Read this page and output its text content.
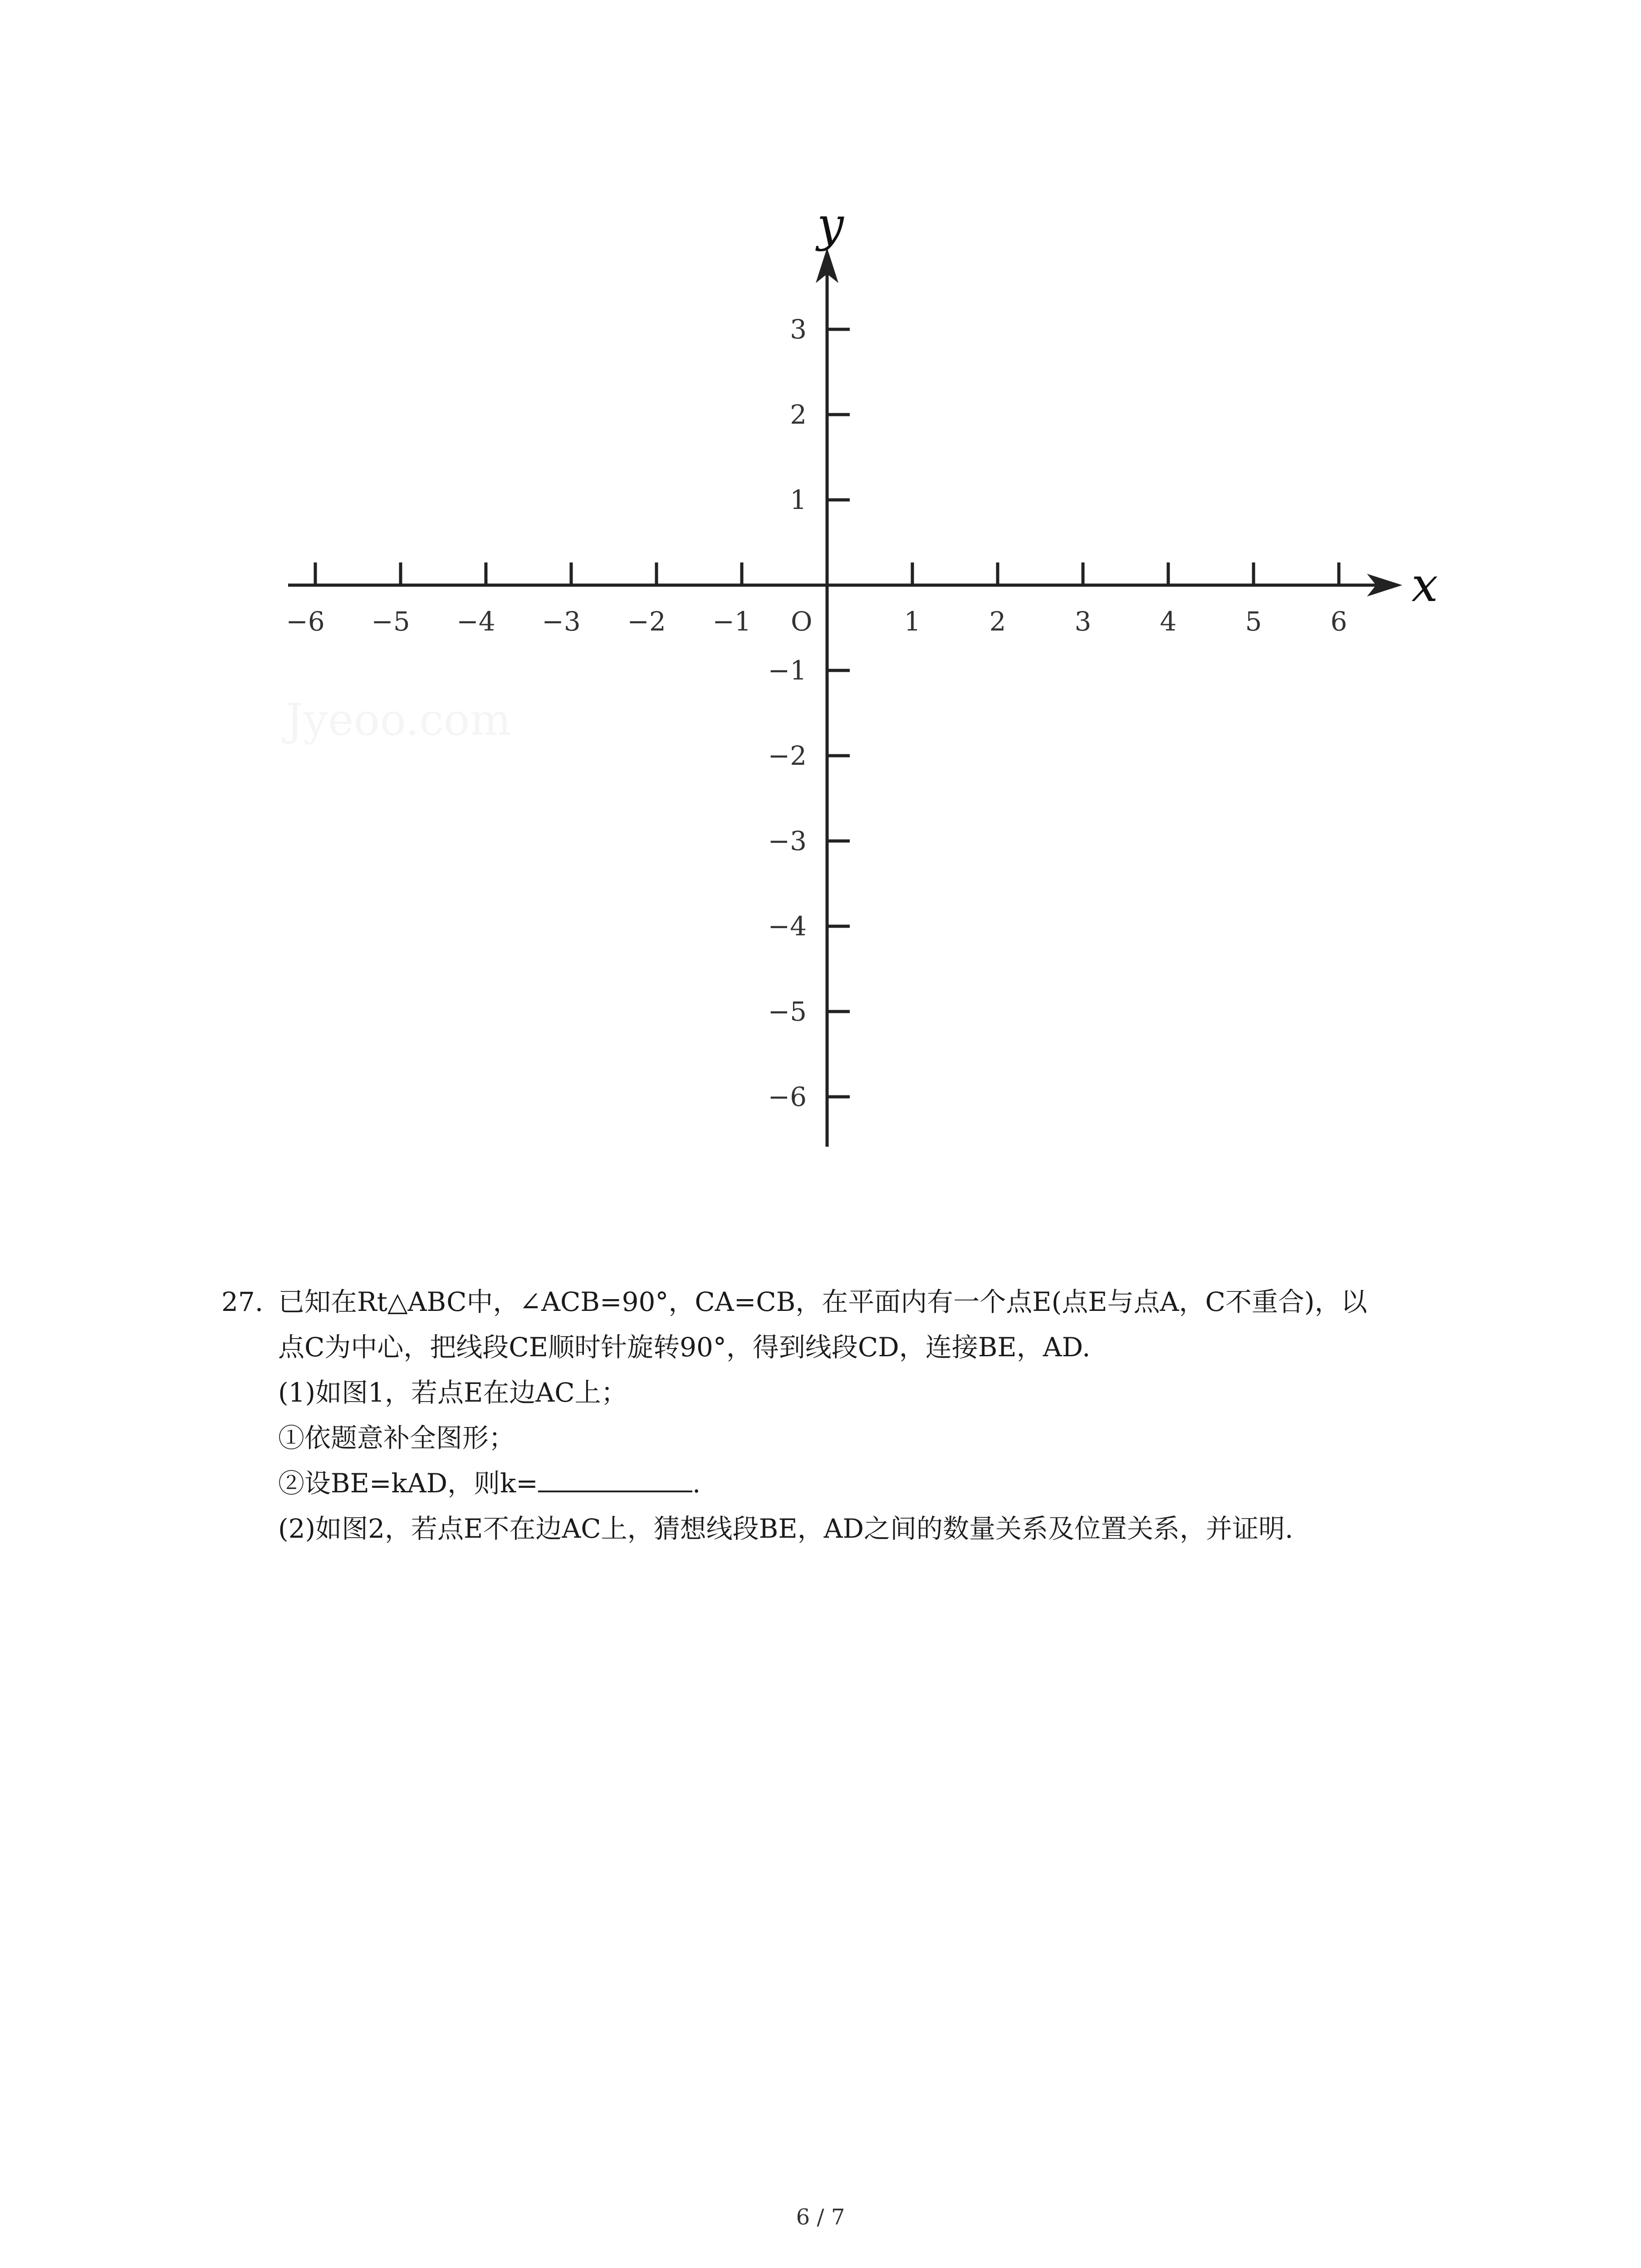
x
y
O
−6 −5 −4 −3 −2 −1	1	2	3	4	5	6
3
2
1
−1
−2
−3
−4
−5
−6
27. 已知在Rt△ABC中，∠ACB=90°，CA=CB，在平面内有一个点E(点E与点A，C不重合)，以
点C为中心，把线段CE顺时针旋转90°，得到线段CD，连接BE，AD.
(1)如图1，若点E在边AC上；
①依题意补全图形；
②设BE=kAD，则k=	.
(2)如图2，若点E不在边AC上，猜想线段BE，AD之间的数量关系及位置关系，并证明.
6 / 7
